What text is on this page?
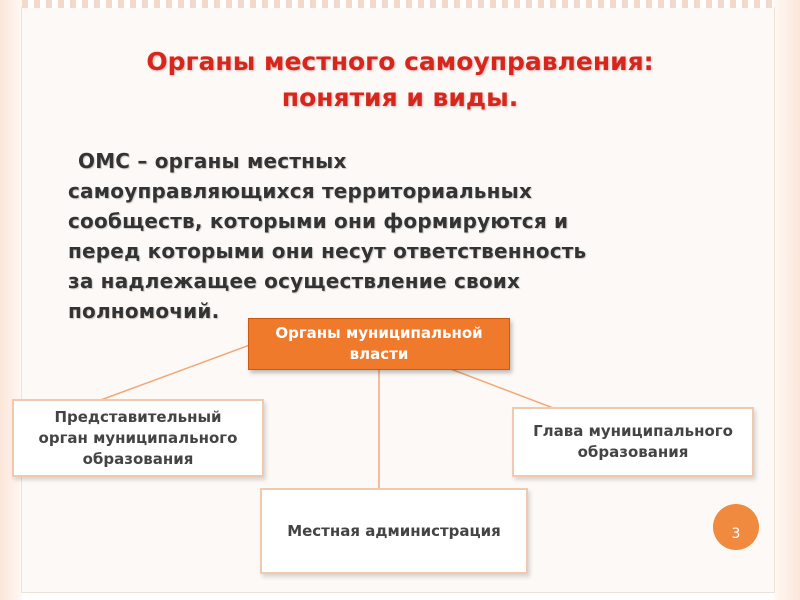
Органы местного самоуправления:
понятия и виды.
ОМС – органы местных
самоуправляющихся территориальных
сообществ, которыми они формируются и
перед которыми они несут ответственность
за надлежащее осуществление своих
полномочий.
Органы муниципальной
власти
Представительный
орган муниципального
образования
Глава муниципального
образования
Местная администрация	3
